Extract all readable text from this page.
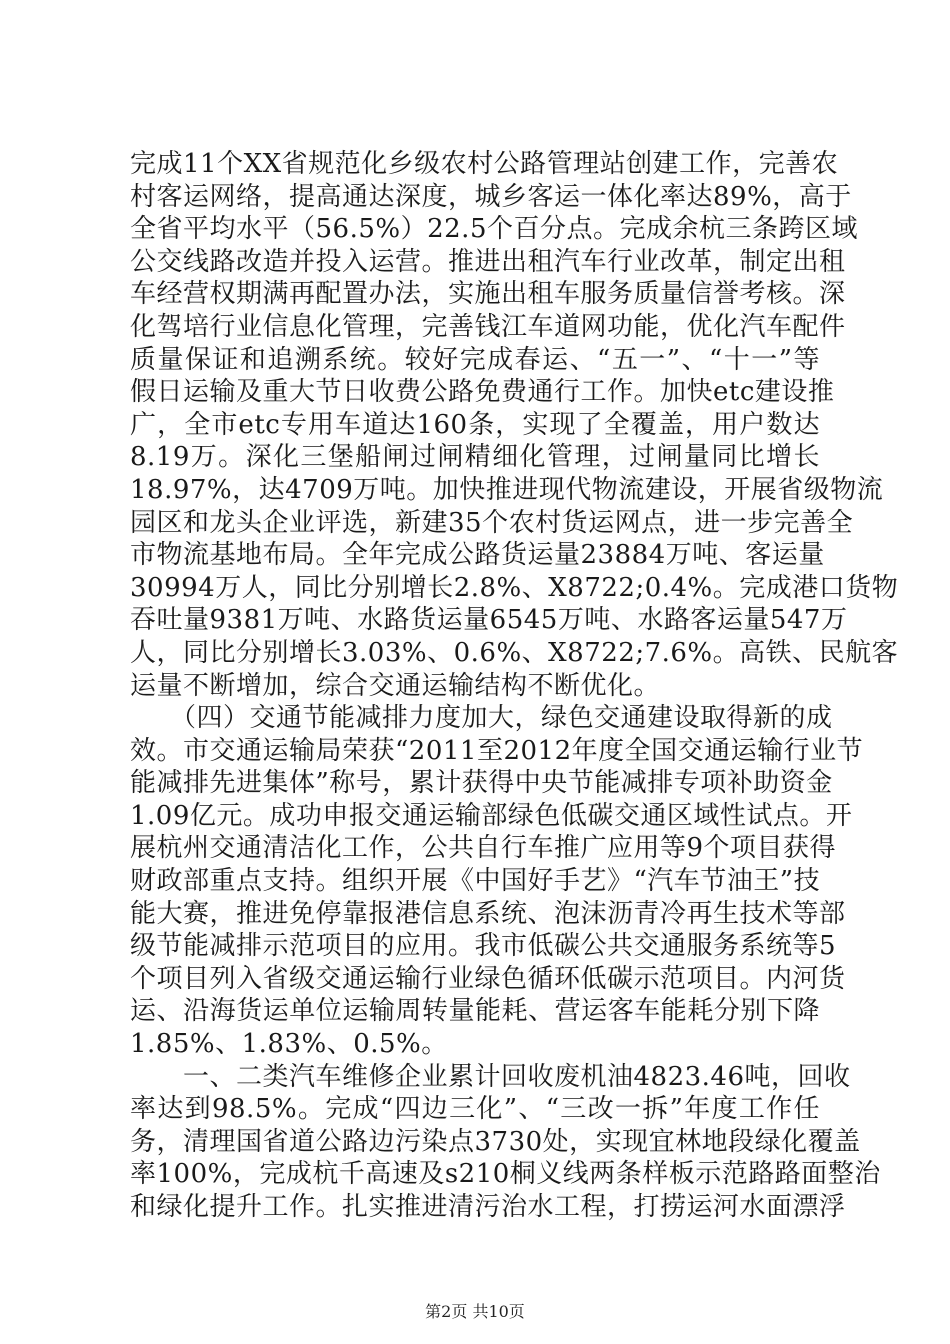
完成11个XX省规范化乡级农村公路管理站创建工作，完善农
村客运网络，提高通达深度，城乡客运一体化率达89%，高于
全省平均水平（56.5%）22.5个百分点。完成余杭三条跨区域
公交线路改造并投入运营。推进出租汽车行业改革，制定出租
车经营权期满再配置办法，实施出租车服务质量信誉考核。深
化驾培行业信息化管理，完善钱江车道网功能，优化汽车配件
质量保证和追溯系统。较好完成春运、“五一”、“十一”等
假日运输及重大节日收费公路免费通行工作。加快etc建设推
广，全市etc专用车道达160条，实现了全覆盖，用户数达
8.19万。深化三堡船闸过闸精细化管理，过闸量同比增长
18.97%，达4709万吨。加快推进现代物流建设，开展省级物流
园区和龙头企业评选，新建35个农村货运网点，进一步完善全
市物流基地布局。全年完成公路货运量23884万吨、客运量
30994万人，同比分别增长2.8%、X8722;0.4%。完成港口货物
吞吐量9381万吨、水路货运量6545万吨、水路客运量547万
人，同比分别增长3.03%、0.6%、X8722;7.6%。高铁、民航客
运量不断增加，综合交通运输结构不断优化。
　　（四）交通节能减排力度加大，绿色交通建设取得新的成
效。市交通运输局荣获“2011至2012年度全国交通运输行业节
能减排先进集体”称号，累计获得中央节能减排专项补助资金
1.09亿元。成功申报交通运输部绿色低碳交通区域性试点。开
展杭州交通清洁化工作，公共自行车推广应用等9个项目获得
财政部重点支持。组织开展《中国好手艺》“汽车节油王”技
能大赛，推进免停靠报港信息系统、泡沫沥青冷再生技术等部
级节能减排示范项目的应用。我市低碳公共交通服务系统等5
个项目列入省级交通运输行业绿色循环低碳示范项目。内河货
运、沿海货运单位运输周转量能耗、营运客车能耗分别下降
1.85%、1.83%、0.5%。
　　一、二类汽车维修企业累计回收废机油4823.46吨，回收
率达到98.5%。完成“四边三化”、“三改一拆”年度工作任
务，清理国省道公路边污染点3730处，实现宜林地段绿化覆盖
率100%，完成杭千高速及s210桐义线两条样板示范路路面整治
和绿化提升工作。扎实推进清污治水工程，打捞运河水面漂浮
第2页 共10页
